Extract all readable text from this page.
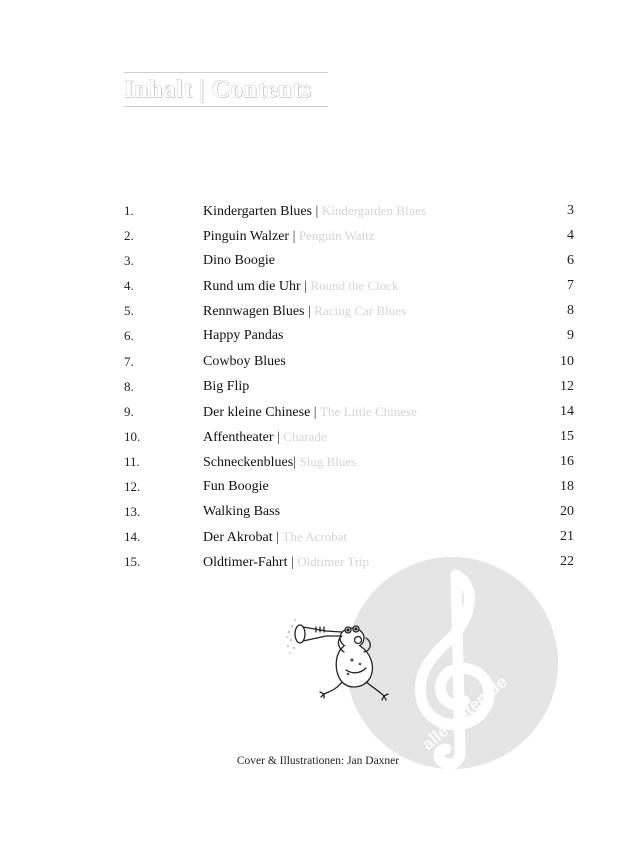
Inhalt | Contents
alle-noten.de
1.	Kindergarten Blues | Kindergarden Blues	3
2.	Pinguin Walzer | Penguin Waltz	4
3.	Dino Boogie	6
4.	Rund um die Uhr | Round the Clock	7
5.	Rennwagen Blues | Racing Car Blues	8
6.	Happy Pandas	9
7.	Cowboy Blues	10
8.	Big Flip	12
9.	Der kleine Chinese | The Little Chinese	14
10.	Affentheater | Charade	15
11.	Schneckenblues| Slug Blues	16
12.	Fun Boogie	18
13.	Walking Bass	20
14.	Der Akrobat | The Acrobat	21
15.	Oldtimer-Fahrt | Oldtimer Trip	22
Cover & Illustrationen: Jan Daxner
